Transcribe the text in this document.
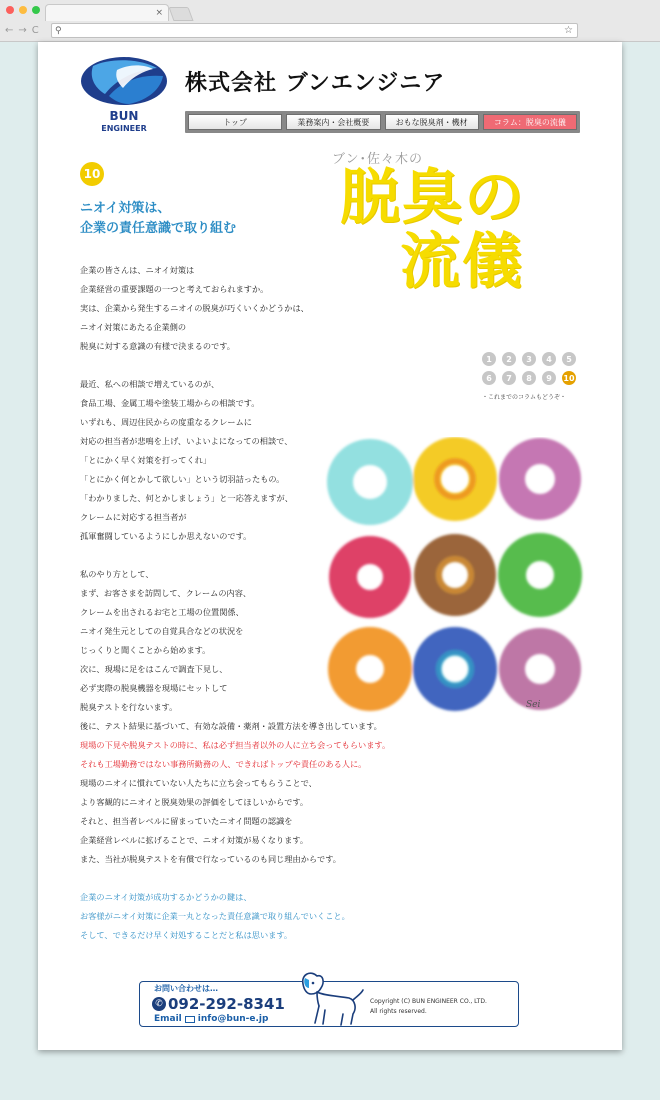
×
← → C ⚲	☆
BUN
ENGINEER
株式会社 ブンエンジニア
トップ	業務案内・会社概要	おもな脱臭剤・機材	コラム：脱臭の流儀
10
ニオイ対策は、
企業の責任意識で取り組む
ブン･佐々木の
脱臭の
流儀
1	2	3	4	5
6	7	8	9	10
・これまでのコラムもどうぞ・
Sei
企業の皆さんは、ニオイ対策は
企業経営の重要課題の一つと考えておられますか。
実は、企業から発生するニオイの脱臭が巧くいくかどうかは、
ニオイ対策にあたる企業側の
脱臭に対する意識の有様で決まるのです。
最近、私への相談で増えているのが、
食品工場、金属工場や塗装工場からの相談です。
いずれも、周辺住民からの度重なるクレームに
対応の担当者が悲鳴を上げ、いよいよになっての相談で、
「とにかく早く対策を打ってくれ」
「とにかく何とかして欲しい」という切羽詰ったもの。
「わかりました、何とかしましょう」と一応答えますが、
クレームに対応する担当者が
孤軍奮闘しているようにしか思えないのです。
私のやり方として、
まず、お客さまを訪問して、クレームの内容、
クレームを出されるお宅と工場の位置関係、
ニオイ発生元としての自覚具合などの状況を
じっくりと聞くことから始めます。
次に、現場に足をはこんで調査下見し、
必ず実際の脱臭機器を現場にセットして
脱臭テストを行ないます。
後に、テスト結果に基づいて、有効な設備・薬剤・設置方法を導き出しています。
現場の下見や脱臭テストの時に、私は必ず担当者以外の人に立ち会ってもらいます。
それも工場勤務ではない事務所勤務の人、できればトップや責任のある人に。
現場のニオイに慣れていない人たちに立ち会ってもらうことで、
より客観的にニオイと脱臭効果の評価をしてほしいからです。
それと、担当者レベルに留まっていたニオイ問題の認識を
企業経営レベルに拡げることで、ニオイ対策が易くなります。
また、当社が脱臭テストを有償で行なっているのも同じ理由からです。
企業のニオイ対策が成功するかどうかの鍵は、
お客様がニオイ対策に企業一丸となった責任意識で取り組んでいくこと。
そして、できるだけ早く対処することだと私は思います。
お問い合わせは…
✆ 092-292-8341
Email info@bun-e.jp
Copyright (C) BUN ENGINEER CO., LTD.
All rights reserved.
